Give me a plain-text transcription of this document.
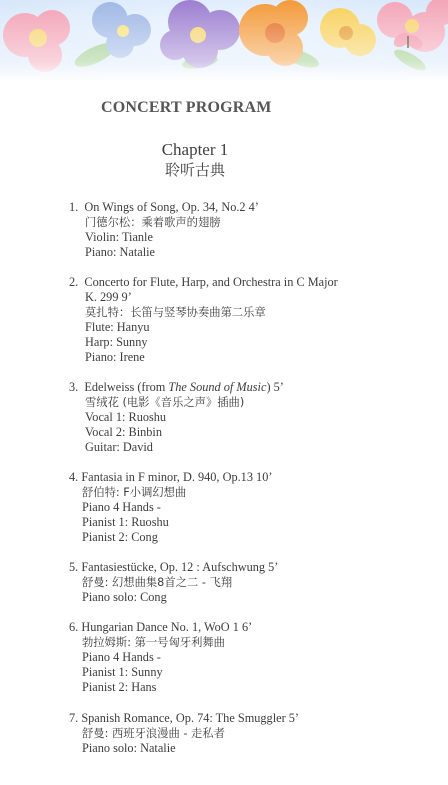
CONCERT PROGRAM
Chapter 1
聆听古典
1. On Wings of Song, Op. 34, No.2 4’
门德尔松：乘着歌声的翅膀
Violin: Tianle
Piano: Natalie
2. Concerto for Flute, Harp, and Orchestra in C Major
K. 299 9’
莫扎特：长笛与竖琴协奏曲第二乐章
Flute: Hanyu
Harp: Sunny
Piano: Irene
3. Edelweiss (from The Sound of Music) 5’
雪绒花 (电影《音乐之声》插曲)
Vocal 1: Ruoshu
Vocal 2: Binbin
Guitar: David
4. Fantasia in F minor, D. 940, Op.13 10’
舒伯特: F小调幻想曲
Piano 4 Hands -
Pianist 1: Ruoshu
Pianist 2: Cong
5. Fantasiestücke, Op. 12 : Aufschwung 5’
舒曼: 幻想曲集8首之二 - 飞翔
Piano solo: Cong
6. Hungarian Dance No. 1, WoO 1 6’
勃拉姆斯: 第一号匈牙利舞曲
Piano 4 Hands -
Pianist 1: Sunny
Pianist 2: Hans
7. Spanish Romance, Op. 74: The Smuggler 5’
舒曼: 西班牙浪漫曲 - 走私者
Piano solo: Natalie
